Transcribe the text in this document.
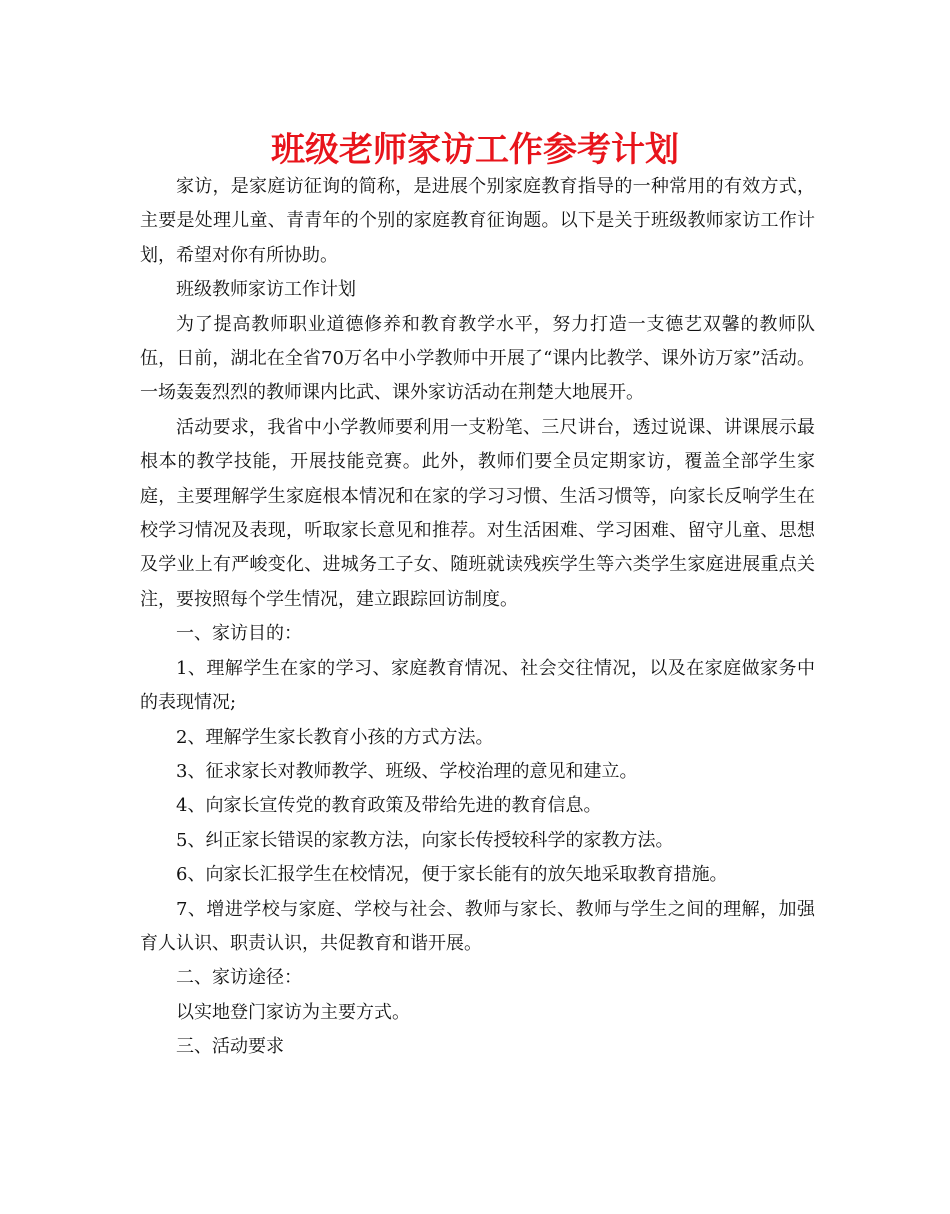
班级老师家访工作参考计划

家访，是家庭访征询的简称，是进展个别家庭教育指导的一种常用的有效方式，主要是处理儿童、青青年的个别的家庭教育征询题。以下是关于班级教师家访工作计划，希望对你有所协助。

班级教师家访工作计划

为了提高教师职业道德修养和教育教学水平，努力打造一支德艺双馨的教师队伍，日前，湖北在全省70万名中小学教师中开展了“课内比教学、课外访万家”活动。一场轰轰烈烈的教师课内比武、课外家访活动在荆楚大地展开。

活动要求，我省中小学教师要利用一支粉笔、三尺讲台，透过说课、讲课展示最根本的教学技能，开展技能竞赛。此外，教师们要全员定期家访，覆盖全部学生家庭，主要理解学生家庭根本情况和在家的学习习惯、生活习惯等，向家长反响学生在校学习情况及表现，听取家长意见和推荐。对生活困难、学习困难、留守儿童、思想及学业上有严峻变化、进城务工子女、随班就读残疾学生等六类学生家庭进展重点关注，要按照每个学生情况，建立跟踪回访制度。

一、家访目的：

1、理解学生在家的学习、家庭教育情况、社会交往情况，以及在家庭做家务中的表现情况;

2、理解学生家长教育小孩的方式方法。

3、征求家长对教师教学、班级、学校治理的意见和建立。

4、向家长宣传党的教育政策及带给先进的教育信息。

5、纠正家长错误的家教方法，向家长传授较科学的家教方法。

6、向家长汇报学生在校情况，便于家长能有的放矢地采取教育措施。

7、增进学校与家庭、学校与社会、教师与家长、教师与学生之间的理解，加强育人认识、职责认识，共促教育和谐开展。

二、家访途径：

以实地登门家访为主要方式。

三、活动要求
